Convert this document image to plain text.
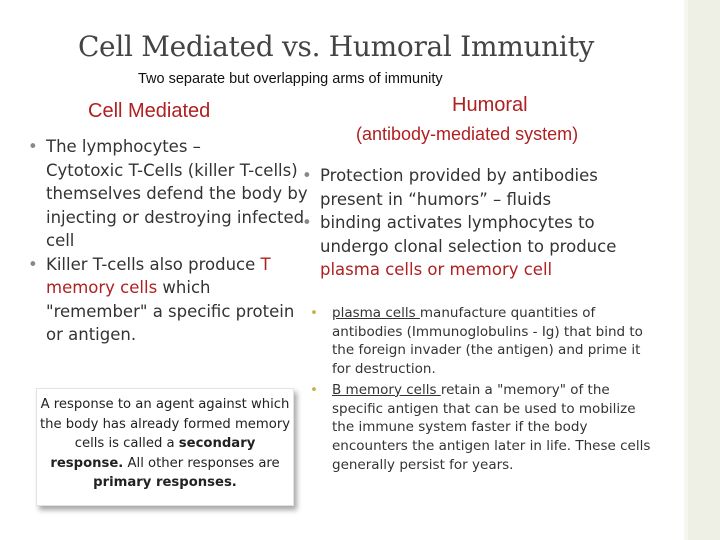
Cell Mediated vs. Humoral Immunity
Two separate but overlapping arms of immunity
Cell Mediated	Humoral
(antibody-mediated system)
• The lymphocytes –
Cytotoxic T-Cells (killer T-cells) themselves defend the body by injecting or destroying infected cell
• Killer T-cells also produce T memory cells which "remember" a specific protein or antigen.
• Protection provided by antibodies present in “humors” – fluids
• binding activates lymphocytes to undergo clonal selection to produce plasma cells or memory cell
• plasma cells manufacture quantities of antibodies (Immunoglobulins - Ig) that bind to the foreign invader (the antigen) and prime it for destruction.
• B memory cells retain a "memory" of the specific antigen that can be used to mobilize the immune system faster if the body encounters the antigen later in life. These cells generally persist for years.
A response to an agent against which the body has already formed memory cells is called a secondary response. All other responses are primary responses.
